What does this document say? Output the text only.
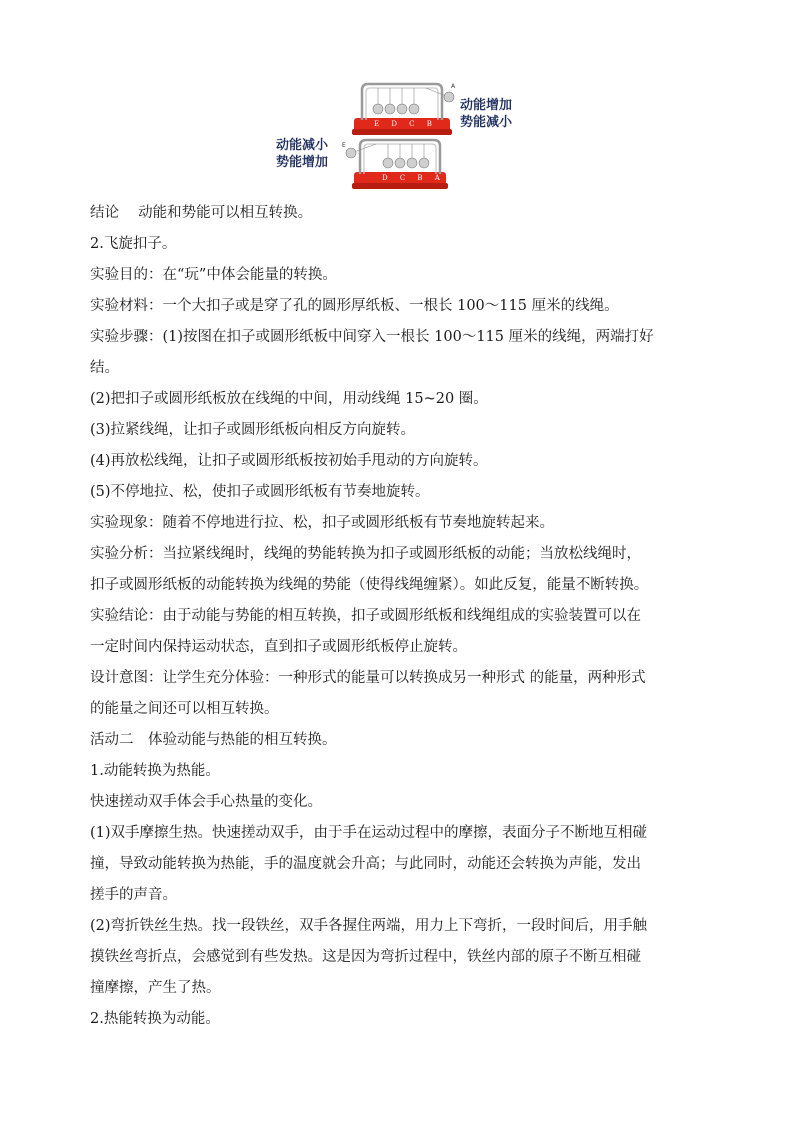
E D C B
A
动能增加
势能减小
D C B A
E
动能减小
势能增加
结论　 动能和势能可以相互转换。
2.飞旋扣子。
实验目的：在“玩”中体会能量的转换。
实验材料：一个大扣子或是穿了孔的圆形厚纸板、一根长 100～115 厘米的线绳。
实验步骤：(1)按图在扣子或圆形纸板中间穿入一根长 100～115 厘米的线绳，两端打好
结。
(2)把扣子或圆形纸板放在线绳的中间，用动线绳 15~20 圈。
(3)拉紧线绳，让扣子或圆形纸板向相反方向旋转。
(4)再放松线绳，让扣子或圆形纸板按初始手甩动的方向旋转。
(5)不停地拉、松，使扣子或圆形纸板有节奏地旋转。
实验现象：随着不停地进行拉、松，扣子或圆形纸板有节奏地旋转起来。
实验分析：当拉紧线绳时，线绳的势能转换为扣子或圆形纸板的动能；当放松线绳时，
扣子或圆形纸板的动能转换为线绳的势能（使得线绳缠紧）。如此反复，能量不断转换。
实验结论：由于动能与势能的相互转换，扣子或圆形纸板和线绳组成的实验装置可以在
一定时间内保持运动状态，直到扣子或圆形纸板停止旋转。
设计意图：让学生充分体验：一种形式的能量可以转换成另一种形式 的能量，两种形式
的能量之间还可以相互转换。
活动二　体验动能与热能的相互转换。
1.动能转换为热能。
快速搓动双手体会手心热量的变化。
(1)双手摩擦生热。快速搓动双手，由于手在运动过程中的摩擦，表面分子不断地互相碰
撞，导致动能转换为热能，手的温度就会升高；与此同时，动能还会转换为声能，发出
搓手的声音。
(2)弯折铁丝生热。找一段铁丝，双手各握住两端，用力上下弯折，一段时间后，用手触
摸铁丝弯折点，会感觉到有些发热。这是因为弯折过程中，铁丝内部的原子不断互相碰
撞摩擦，产生了热。
2.热能转换为动能。
